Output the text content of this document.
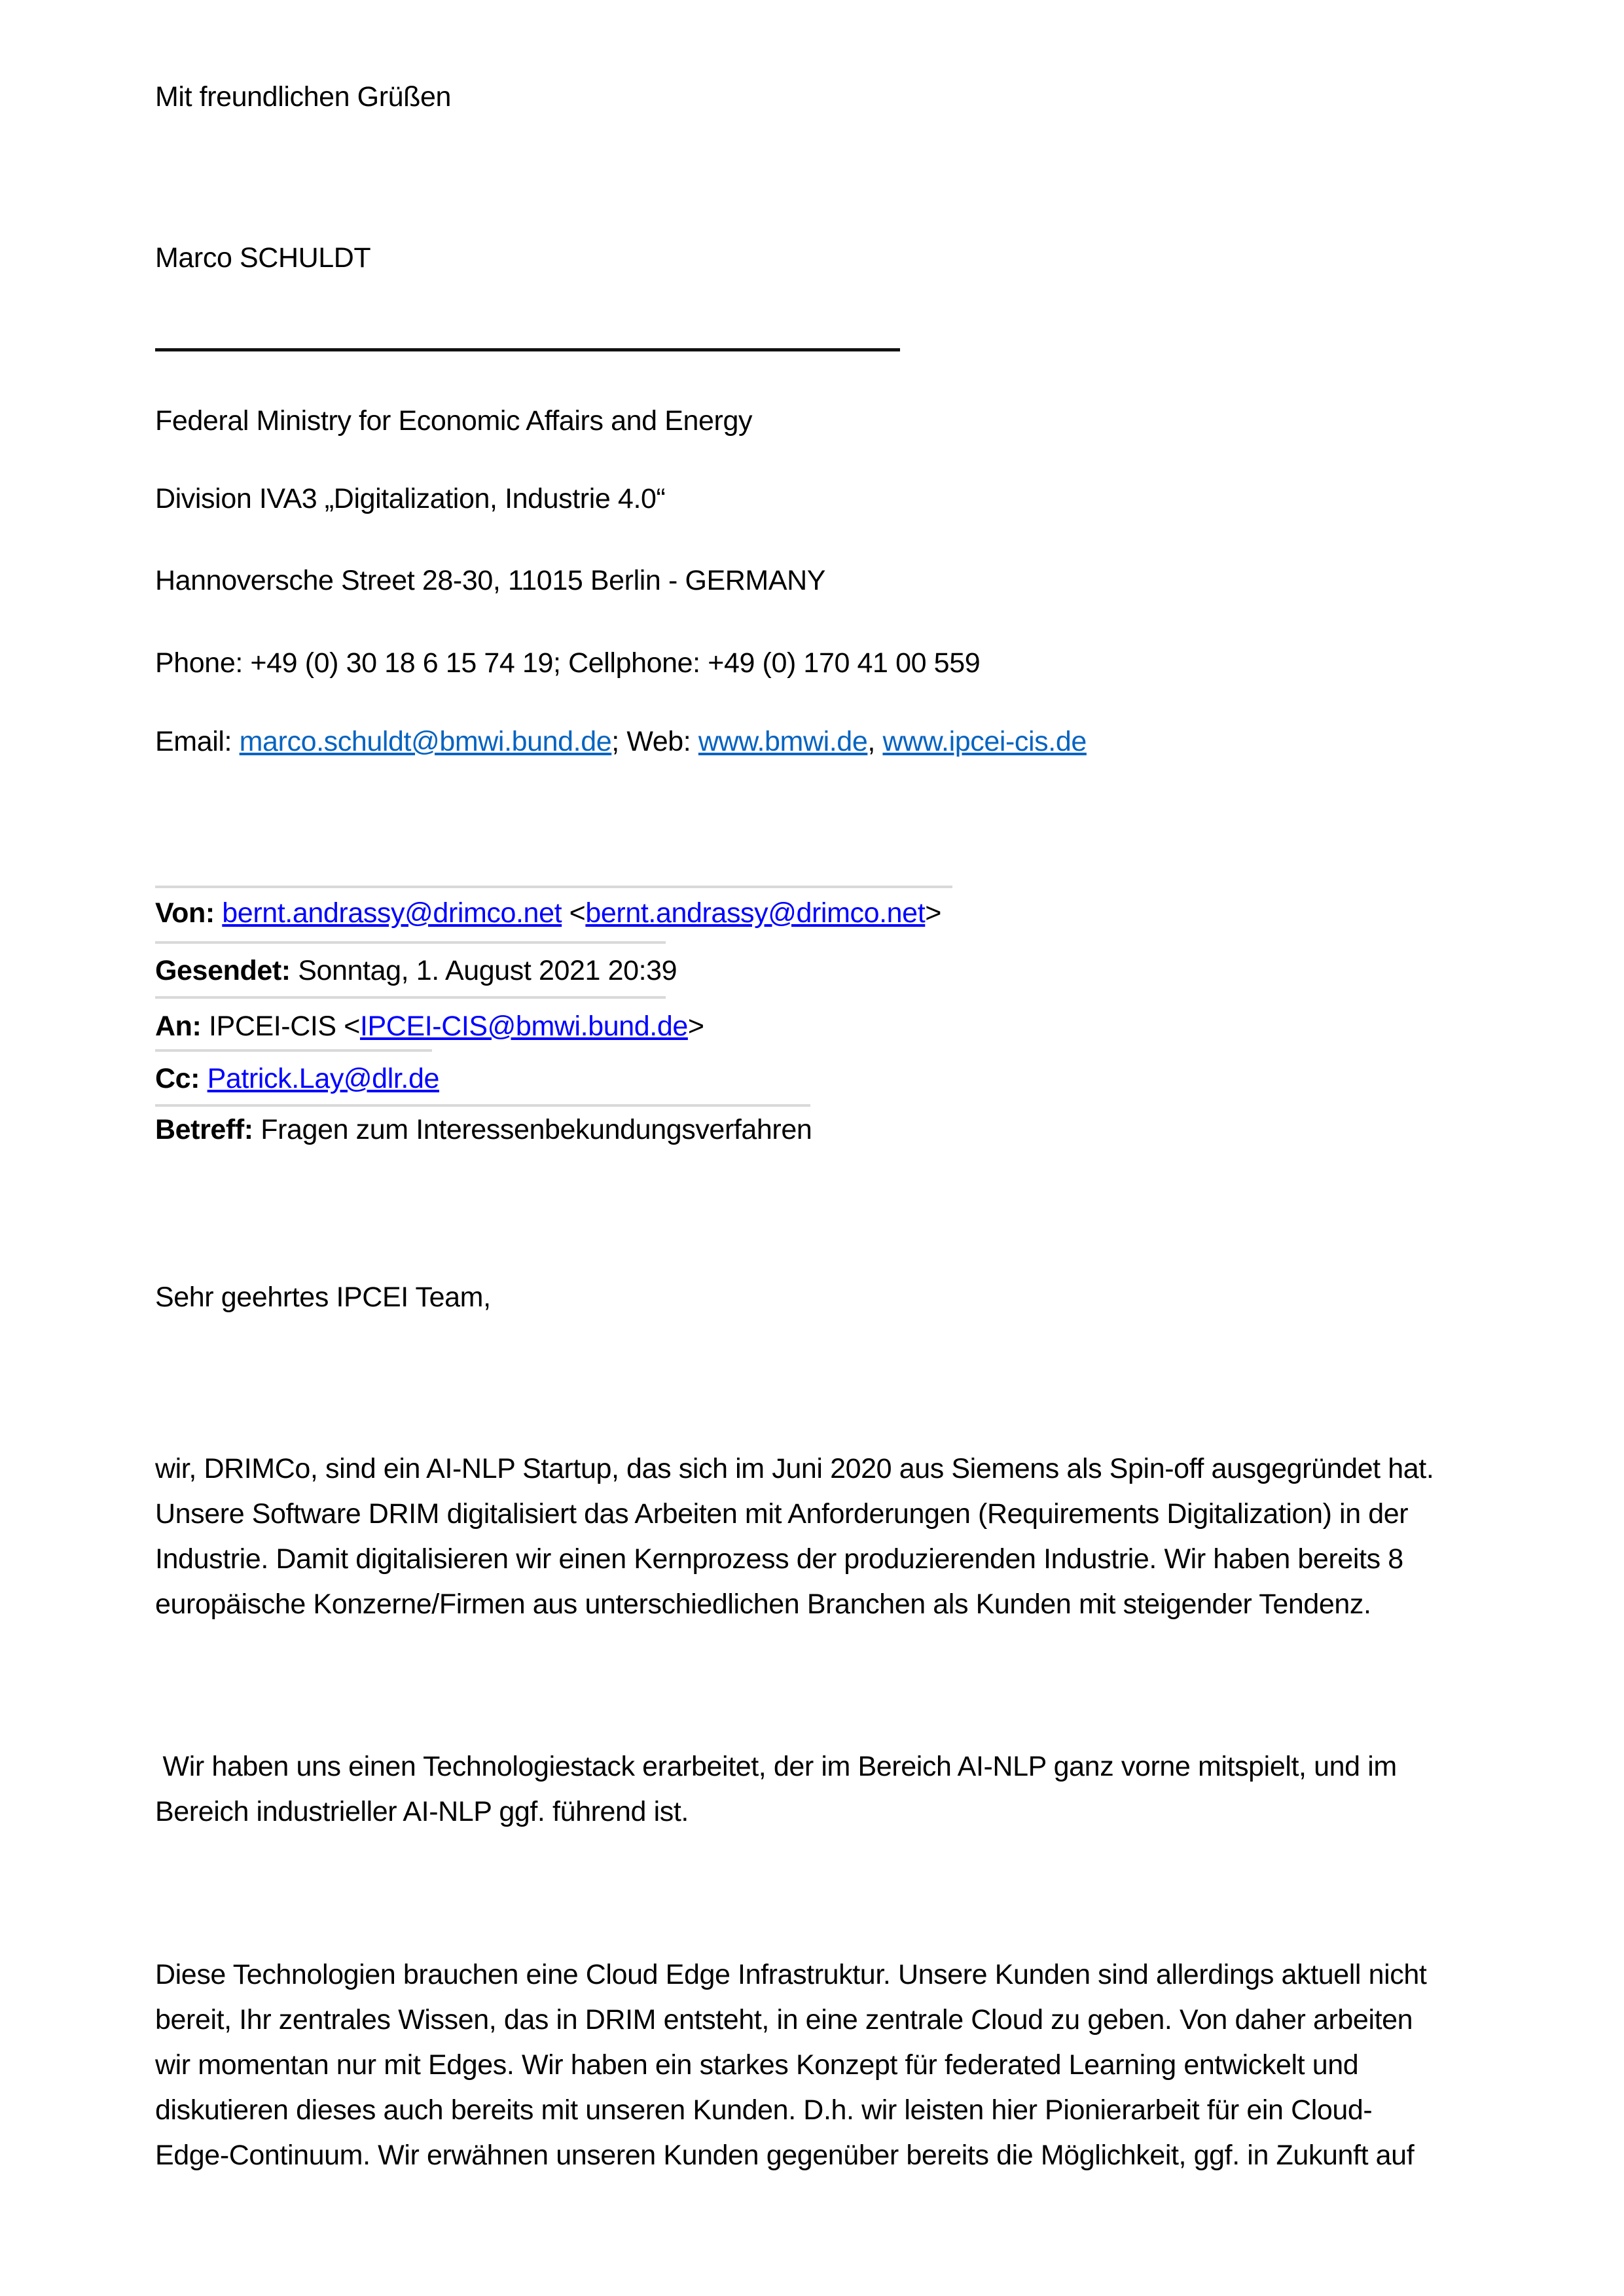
Mit freundlichen Grüßen
Marco SCHULDT
Federal Ministry for Economic Affairs and Energy
Division IVA3 „Digitalization, Industrie 4.0“
Hannoversche Street 28-30, 11015 Berlin - GERMANY
Phone: +49 (0) 30 18 6 15 74 19; Cellphone: +49 (0) 170 41 00 559
Email: marco.schuldt@bmwi.bund.de; Web: www.bmwi.de, www.ipcei-cis.de
Von: bernt.andrassy@drimco.net <bernt.andrassy@drimco.net>
Gesendet: Sonntag, 1. August 2021 20:39
An: IPCEI-CIS <IPCEI-CIS@bmwi.bund.de>
Cc: Patrick.Lay@dlr.de
Betreff: Fragen zum Interessenbekundungsverfahren
Sehr geehrtes IPCEI Team,
wir, DRIMCo, sind ein AI-NLP Startup, das sich im Juni 2020 aus Siemens als Spin-off ausgegründet hat.
Unsere Software DRIM digitalisiert das Arbeiten mit Anforderungen (Requirements Digitalization) in der
Industrie. Damit digitalisieren wir einen Kernprozess der produzierenden Industrie. Wir haben bereits 8
europäische Konzerne/Firmen aus unterschiedlichen Branchen als Kunden mit steigender Tendenz.
Wir haben uns einen Technologiestack erarbeitet, der im Bereich AI-NLP ganz vorne mitspielt, und im
Bereich industrieller AI-NLP ggf. führend ist.
Diese Technologien brauchen eine Cloud Edge Infrastruktur. Unsere Kunden sind allerdings aktuell nicht
bereit, Ihr zentrales Wissen, das in DRIM entsteht, in eine zentrale Cloud zu geben. Von daher arbeiten
wir momentan nur mit Edges. Wir haben ein starkes Konzept für federated Learning entwickelt und
diskutieren dieses auch bereits mit unseren Kunden. D.h. wir leisten hier Pionierarbeit für ein Cloud-
Edge-Continuum. Wir erwähnen unseren Kunden gegenüber bereits die Möglichkeit, ggf. in Zukunft auf
